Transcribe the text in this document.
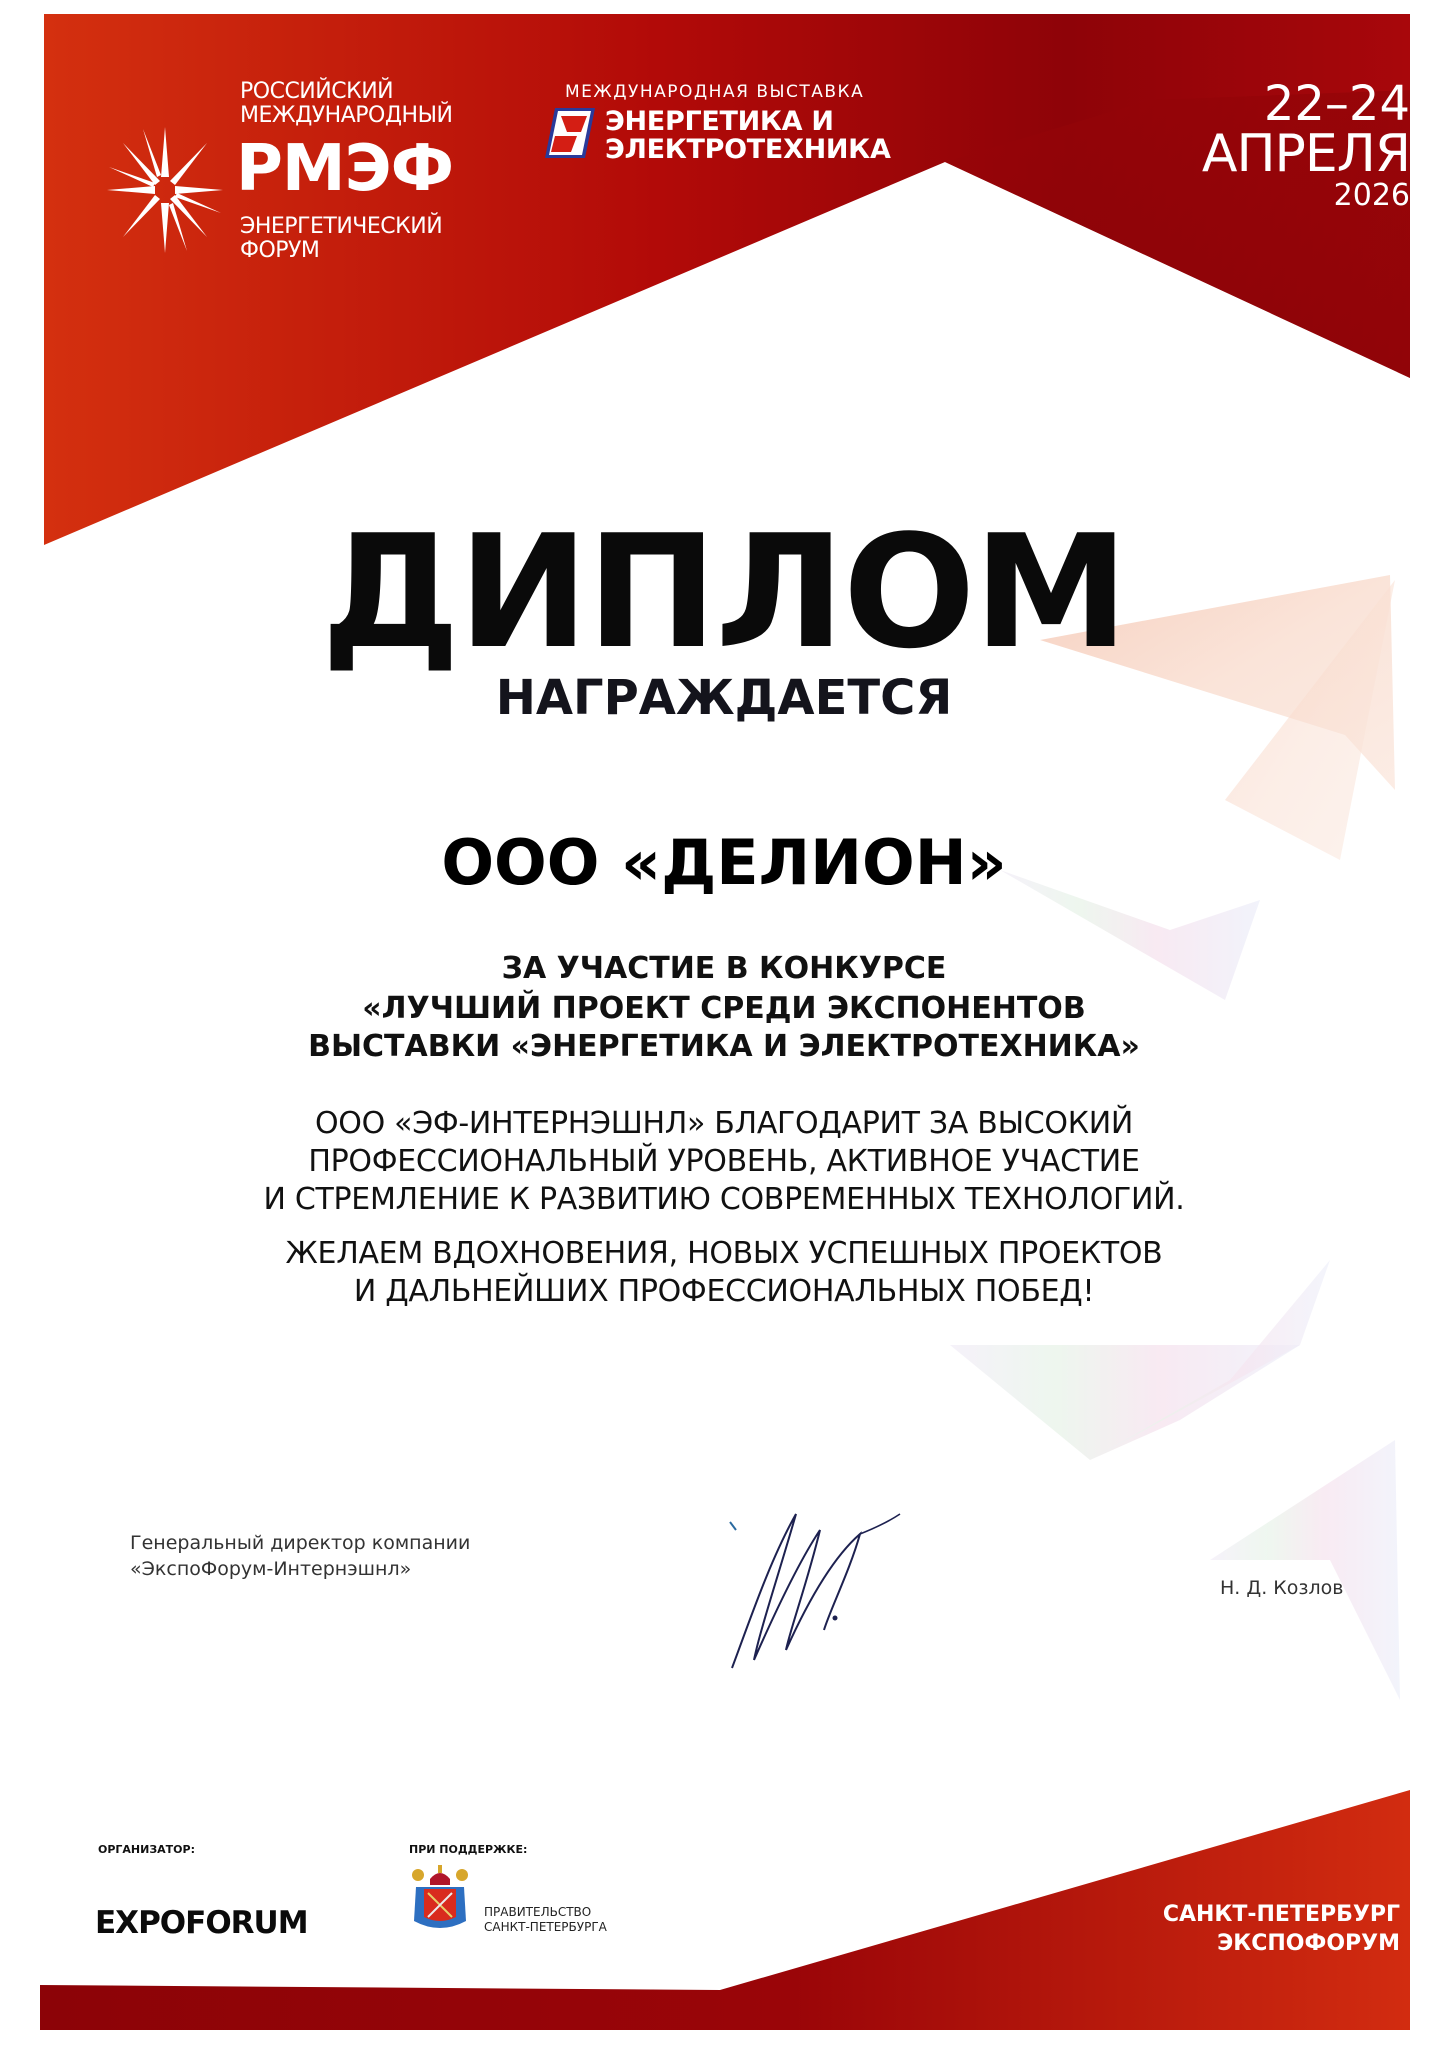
РОССИЙСКИЙ
МЕЖДУНАРОДНЫЙ
РМЭФ
ЭНЕРГЕТИЧЕСКИЙ
ФОРУМ
МЕЖДУНАРОДНАЯ ВЫСТАВКА
ЭНЕРГЕТИКА И
ЭЛЕКТРОТЕХНИКА
22–24
АПРЕЛЯ
2026
ДИПЛОМ
НАГРАЖДАЕТСЯ
ООО «ДЕЛИОН»
ЗА УЧАСТИЕ В КОНКУРСЕ
«ЛУЧШИЙ ПРОЕКТ СРЕДИ ЭКСПОНЕНТОВ
ВЫСТАВКИ «ЭНЕРГЕТИКА И ЭЛЕКТРОТЕХНИКА»
ООО «ЭФ-ИНТЕРНЭШНЛ» БЛАГОДАРИТ ЗА ВЫСОКИЙ
ПРОФЕССИОНАЛЬНЫЙ УРОВЕНЬ, АКТИВНОЕ УЧАСТИЕ
И СТРЕМЛЕНИЕ К РАЗВИТИЮ СОВРЕМЕННЫХ ТЕХНОЛОГИЙ.
ЖЕЛАЕМ ВДОХНОВЕНИЯ, НОВЫХ УСПЕШНЫХ ПРОЕКТОВ
И ДАЛЬНЕЙШИХ ПРОФЕССИОНАЛЬНЫХ ПОБЕД!
Генеральный директор компании
«ЭкспоФорум-Интернэшнл»
Н. Д. Козлов
ОРГАНИЗАТОР:
EXPOFORUM
ПРИ ПОДДЕРЖКЕ:
ПРАВИТЕЛЬСТВО
САНКТ-ПЕТЕРБУРГА	САНКТ-ПЕТЕРБУРГ
ЭКСПОФОРУМ
